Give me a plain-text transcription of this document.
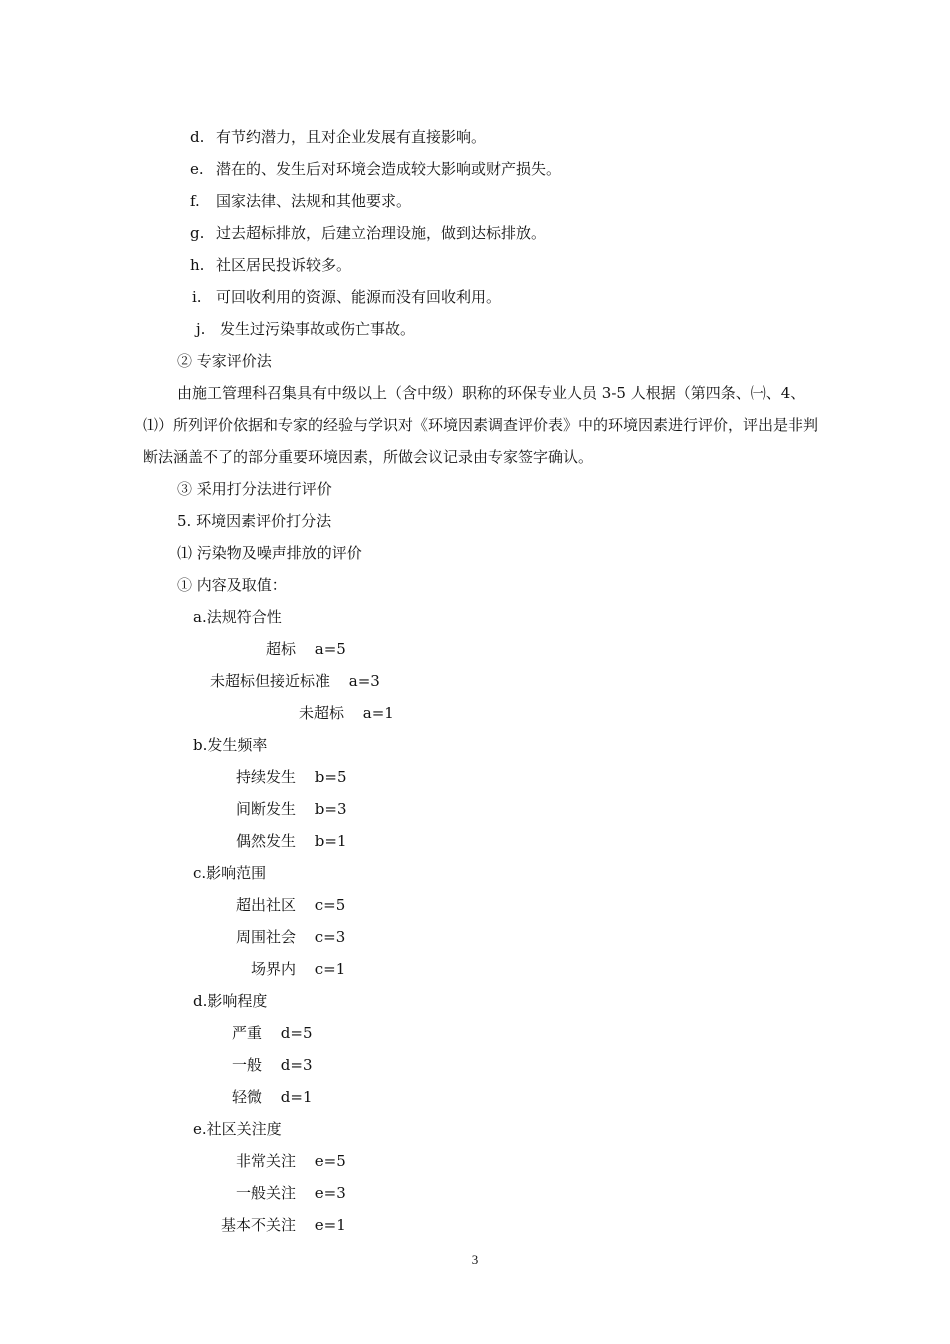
d. 有节约潜力，且对企业发展有直接影响。
e. 潜在的、发生后对环境会造成较大影响或财产损失。
f. 国家法律、法规和其他要求。
g. 过去超标排放，后建立治理设施，做到达标排放。
h. 社区居民投诉较多。
i. 可回收利用的资源、能源而没有回收利用。
j. 发生过污染事故或伤亡事故。
② 专家评价法
由施工管理科召集具有中级以上（含中级）职称的环保专业人员 3-5 人根据（第四条、㈠、4、⑴）所列评价依据和专家的经验与学识对《环境因素调查评价表》中的环境因素进行评价，评出是非判断法涵盖不了的部分重要环境因素，所做会议记录由专家签字确认。
③ 采用打分法进行评价
5. 环境因素评价打分法
⑴ 污染物及噪声排放的评价
① 内容及取值：
a.法规符合性
超标 a=5
未超标但接近标准 a=3
未超标 a=1
b.发生频率
持续发生 b=5
间断发生 b=3
偶然发生 b=1
c.影响范围
超出社区 c=5
周围社会 c=3
场界内 c=1
d.影响程度
严重 d=5
一般 d=3
轻微 d=1
e.社区关注度
非常关注 e=5
一般关注 e=3
基本不关注 e=1
3
